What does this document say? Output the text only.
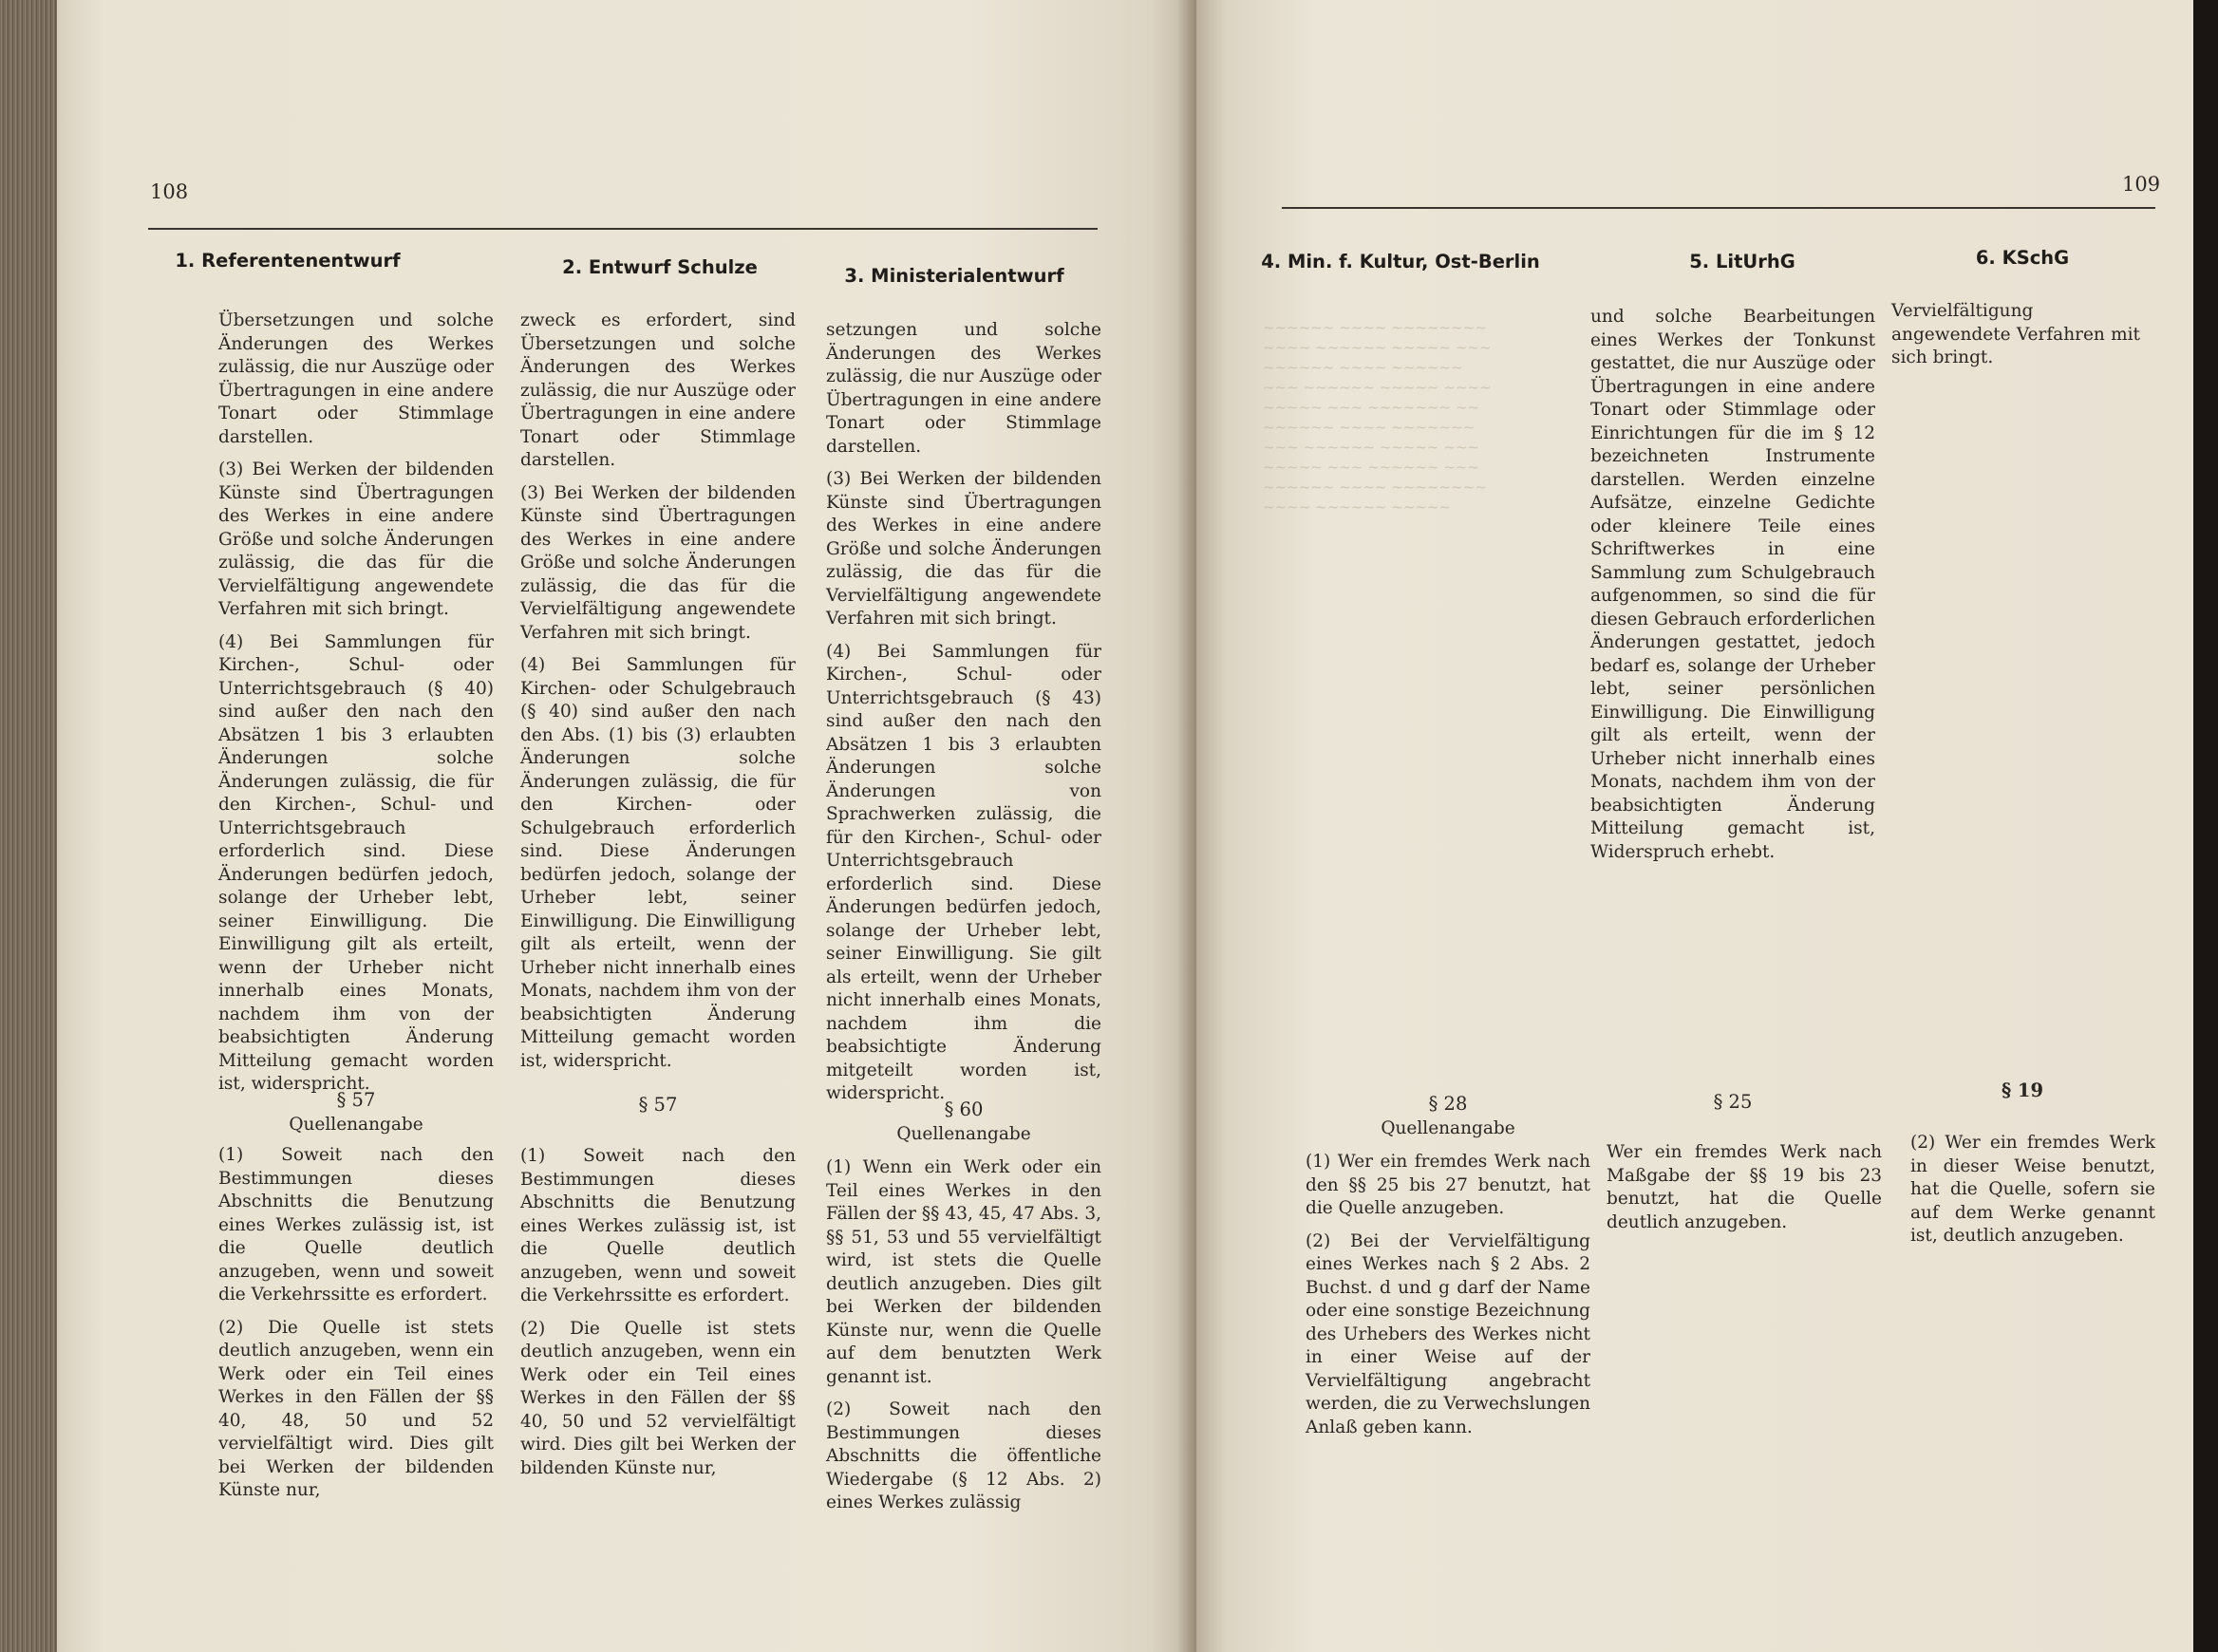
108
1. Referentenentwurf

Übersetzungen und solche Änderungen des Werkes zulässig, die nur Auszüge oder Übertragungen in eine andere Tonart oder Stimmlage darstellen.

(3) Bei Werken der bildenden Künste sind Übertragungen des Werkes in eine andere Größe und solche Änderungen zulässig, die das für die Vervielfältigung angewendete Verfahren mit sich bringt.

(4) Bei Sammlungen für Kirchen-, Schul- oder Unterrichtsgebrauch (§ 40) sind außer den nach den Absätzen 1 bis 3 erlaubten Änderungen solche Änderungen zulässig, die für den Kirchen-, Schul- und Unterrichtsgebrauch erforderlich sind. Diese Änderungen bedürfen jedoch, solange der Urheber lebt, seiner Einwilligung. Die Einwilligung gilt als erteilt, wenn der Urheber nicht innerhalb eines Monats, nachdem ihm von der beabsichtigten Änderung Mitteilung gemacht worden ist, widerspricht.

§ 57
Quellenangabe

(1) Soweit nach den Bestimmungen dieses Abschnitts die Benutzung eines Werkes zulässig ist, ist die Quelle deutlich anzugeben, wenn und soweit die Verkehrssitte es erfordert.

(2) Die Quelle ist stets deutlich anzugeben, wenn ein Werk oder ein Teil eines Werkes in den Fällen der §§ 40, 48, 50 und 52 vervielfältigt wird. Dies gilt bei Werken der bildenden Künste nur,

2. Entwurf Schulze

zweck es erfordert, sind Übersetzungen und solche Änderungen des Werkes zulässig, die nur Auszüge oder Übertragungen in eine andere Tonart oder Stimmlage darstellen.

(3) Bei Werken der bildenden Künste sind Übertragungen des Werkes in eine andere Größe und solche Änderungen zulässig, die das für die Vervielfältigung angewendete Verfahren mit sich bringt.

(4) Bei Sammlungen für Kirchen- oder Schulgebrauch (§ 40) sind außer den nach den Abs. (1) bis (3) erlaubten Änderungen solche Änderungen zulässig, die für den Kirchen- oder Schulgebrauch erforderlich sind. Diese Änderungen bedürfen jedoch, solange der Urheber lebt, seiner Einwilligung. Die Einwilligung gilt als erteilt, wenn der Urheber nicht innerhalb eines Monats, nachdem ihm von der beabsichtigten Änderung Mitteilung gemacht worden ist, widerspricht.

§ 57

(1) Soweit nach den Bestimmungen dieses Abschnitts die Benutzung eines Werkes zulässig ist, ist die Quelle deutlich anzugeben, wenn und soweit die Verkehrssitte es erfordert.

(2) Die Quelle ist stets deutlich anzugeben, wenn ein Werk oder ein Teil eines Werkes in den Fällen der §§ 40, 50 und 52 vervielfältigt wird. Dies gilt bei Werken der bildenden Künste nur,

3. Ministerialentwurf

setzungen und solche Änderungen des Werkes zulässig, die nur Auszüge oder Übertragungen in eine andere Tonart oder Stimmlage darstellen.

(3) Bei Werken der bildenden Künste sind Übertragungen des Werkes in eine andere Größe und solche Änderungen zulässig, die das für die Vervielfältigung angewendete Verfahren mit sich bringt.

(4) Bei Sammlungen für Kirchen-, Schul- oder Unterrichtsgebrauch (§ 43) sind außer den nach den Absätzen 1 bis 3 erlaubten Änderungen solche Änderungen von Sprachwerken zulässig, die für den Kirchen-, Schul- oder Unterrichtsgebrauch erforderlich sind. Diese Änderungen bedürfen jedoch, solange der Urheber lebt, seiner Einwilligung. Sie gilt als erteilt, wenn der Urheber nicht innerhalb eines Monats, nachdem ihm die beabsichtigte Änderung mitgeteilt worden ist, widerspricht.

§ 60
Quellenangabe

(1) Wenn ein Werk oder ein Teil eines Werkes in den Fällen der §§ 43, 45, 47 Abs. 3, §§ 51, 53 und 55 vervielfältigt wird, ist stets die Quelle deutlich anzugeben. Dies gilt bei Werken der bildenden Künste nur, wenn die Quelle auf dem benutzten Werk genannt ist.

(2) Soweit nach den Bestimmungen dieses Abschnitts die öffentliche Wiedergabe (§ 12 Abs. 2) eines Werkes zulässig

109
~~~~~~ ~~~~ ~~~~~~~~
~~~~ ~~~~~~ ~~~~~ ~~~
~~~~~~ ~~~~ ~~~~~~
~~~ ~~~~~~ ~~~~~ ~~~~
~~~~~ ~~~ ~~~~~~~ ~~
~~~~~~ ~~~~ ~~~~~~~
~~~ ~~~~~~ ~~~~~ ~~~
~~~~~ ~~~ ~~~~~~ ~~~
~~~~~~ ~~~~ ~~~~~~~~
~~~~ ~~~~~~ ~~~~~
4. Min. f. Kultur, Ost-Berlin
§ 28
Quellenangabe

(1) Wer ein fremdes Werk nach den §§ 25 bis 27 benutzt, hat die Quelle anzugeben.

(2) Bei der Vervielfältigung eines Werkes nach § 2 Abs. 2 Buchst. d und g darf der Name oder eine sonstige Bezeichnung des Urhebers des Werkes nicht in einer Weise auf der Vervielfältigung angebracht werden, die zu Verwechslungen Anlaß geben kann.

5. LitUrhG

und solche Bearbeitungen eines Werkes der Tonkunst gestattet, die nur Auszüge oder Übertragungen in eine andere Tonart oder Stimmlage oder Einrichtungen für die im § 12 bezeichneten Instrumente darstellen. Werden einzelne Aufsätze, einzelne Gedichte oder kleinere Teile eines Schriftwerkes in eine Sammlung zum Schulgebrauch aufgenommen, so sind die für diesen Gebrauch erforderlichen Änderungen gestattet, jedoch bedarf es, solange der Urheber lebt, seiner persönlichen Einwilligung. Die Einwilligung gilt als erteilt, wenn der Urheber nicht innerhalb eines Monats, nachdem ihm von der beabsichtigten Änderung Mitteilung gemacht ist, Widerspruch erhebt.

§ 25

Wer ein fremdes Werk nach Maßgabe der §§ 19 bis 23 benutzt, hat die Quelle deutlich anzugeben.

6. KSchG

Vervielfältigung angewendete Verfahren mit sich bringt.

§ 19

(2) Wer ein fremdes Werk in dieser Weise benutzt, hat die Quelle, sofern sie auf dem Werke genannt ist, deutlich anzugeben.
